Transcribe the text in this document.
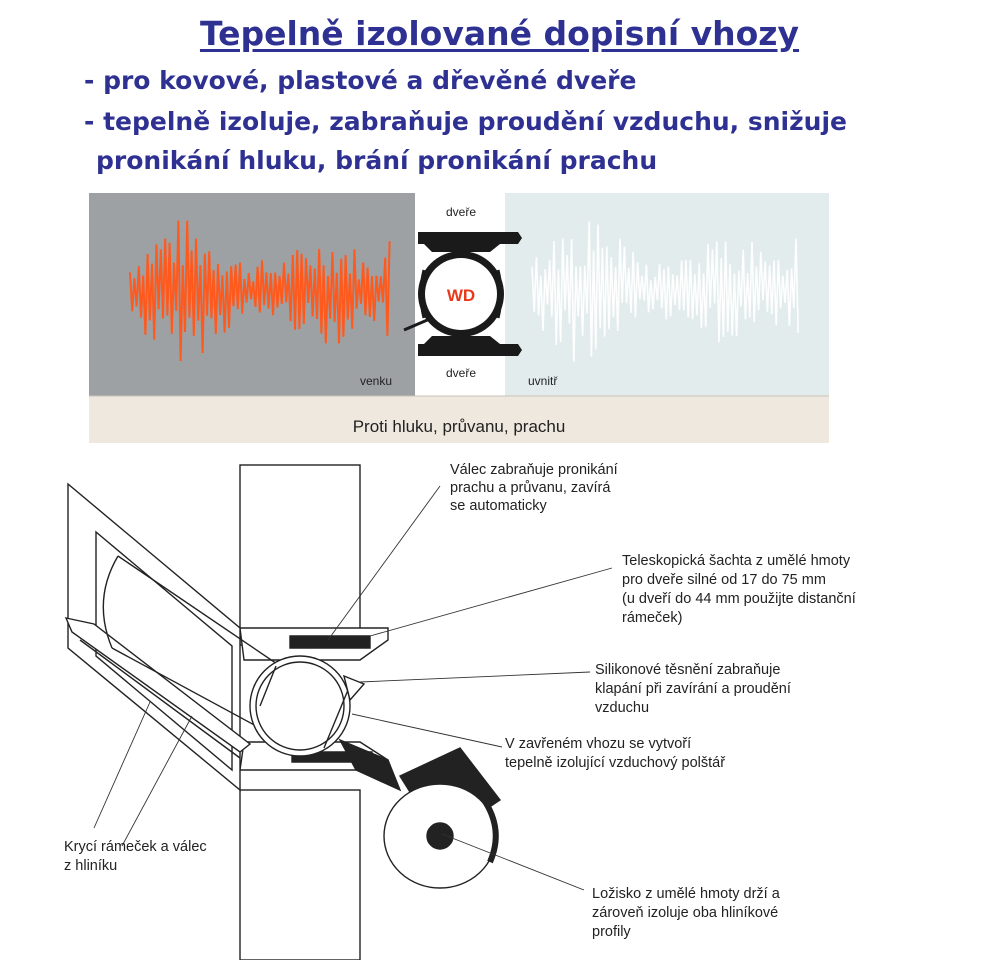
Tepelně izolované dopisní vhozy

- pro kovové, plastové a dřevěné dveře

- tepelně izoluje, zabraňuje proudění vzduchu, snižuje

pronikání hluku, brání pronikání prachu

WD
dveře
dveře
venku	uvnitř
Proti hluku, průvanu, prachu
Válec zabraňuje pronikání prachu a průvanu, zavírá se automaticky
Teleskopická šachta z umělé hmoty pro dveře silné od 17 do 75 mm (u dveří do 44 mm použijte distanční rámeček)
Silikonové těsnění zabraňuje klapání při zavírání a proudění vzduchu
V zavřeném vhozu se vytvoří tepelně izolující vzduchový polštář
Krycí rámeček a válec z hliníku
Ložisko z umělé hmoty drží a zároveň izoluje oba hliníkové profily
